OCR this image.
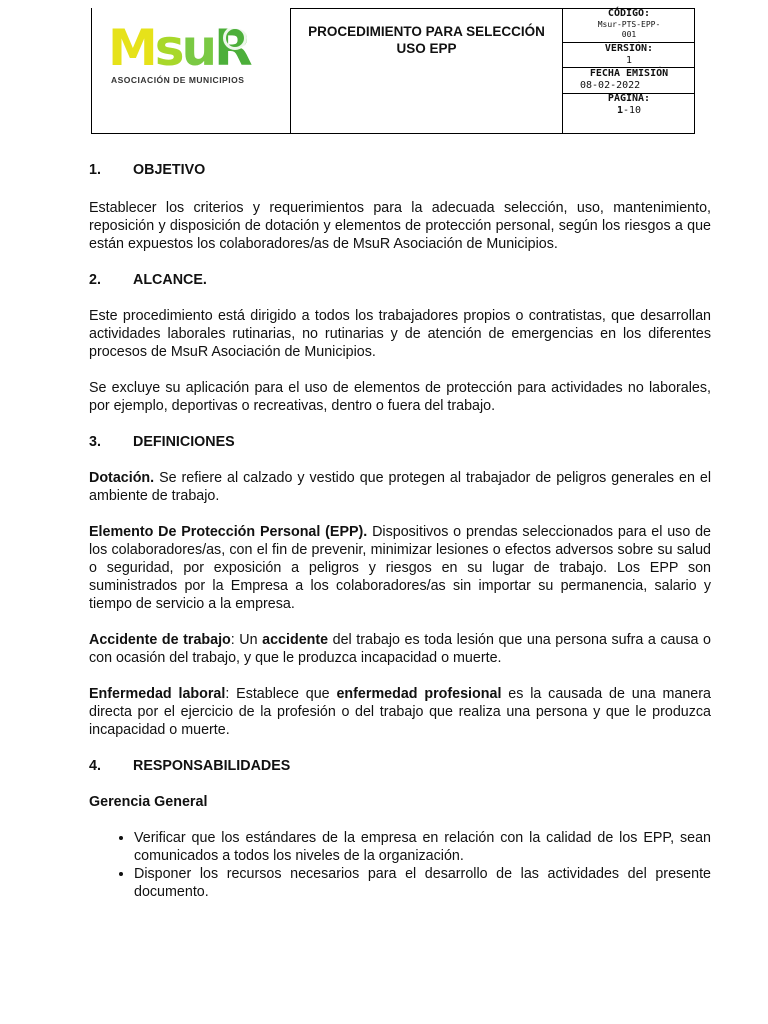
MsuR
ASOCIACIÓN DE MUNICIPIOS
PROCEDIMIENTO PARA SELECCIÓN
USO EPP
CÓDIGO:
Msur-PTS-EPP-
001
VERSIÓN:
1
FECHA EMISIÓN
08-02-2022
PAGINA:
1-10
1.	OBJETIVO

Establecer los criterios y requerimientos para la adecuada selección, uso, mantenimiento, reposición y disposición de dotación y elementos de protección personal, según los riesgos a que están expuestos los colaboradores/as de MsuR Asociación de Municipios.

2.	ALCANCE.

Este procedimiento está dirigido a todos los trabajadores propios o contratistas, que desarrollan actividades laborales rutinarias, no rutinarias y de atención de emergencias en los diferentes procesos de MsuR Asociación de Municipios.

Se excluye su aplicación para el uso de elementos de protección para actividades no laborales, por ejemplo, deportivas o recreativas, dentro o fuera del trabajo.

3.	DEFINICIONES

Dotación. Se refiere al calzado y vestido que protegen al trabajador de peligros generales en el ambiente de trabajo.

Elemento De Protección Personal (EPP). Dispositivos o prendas seleccionados para el uso de los colaboradores/as, con el fin de prevenir, minimizar lesiones o efectos adversos sobre su salud o seguridad, por exposición a peligros y riesgos en su lugar de trabajo. Los EPP son suministrados por la Empresa a los colaboradores/as sin importar su permanencia, salario y tiempo de servicio a la empresa.

Accidente de trabajo: Un accidente del trabajo es toda lesión que una persona sufra a causa o con ocasión del trabajo, y que le produzca incapacidad o muerte.

Enfermedad laboral: Establece que enfermedad profesional es la causada de una manera directa por el ejercicio de la profesión o del trabajo que realiza una persona y que le produzca incapacidad o muerte.

4.	RESPONSABILIDADES

Gerencia General

• Verificar que los estándares de la empresa en relación con la calidad de los EPP, sean comunicados a todos los niveles de la organización.
• Disponer los recursos necesarios para el desarrollo de las actividades del presente documento.
